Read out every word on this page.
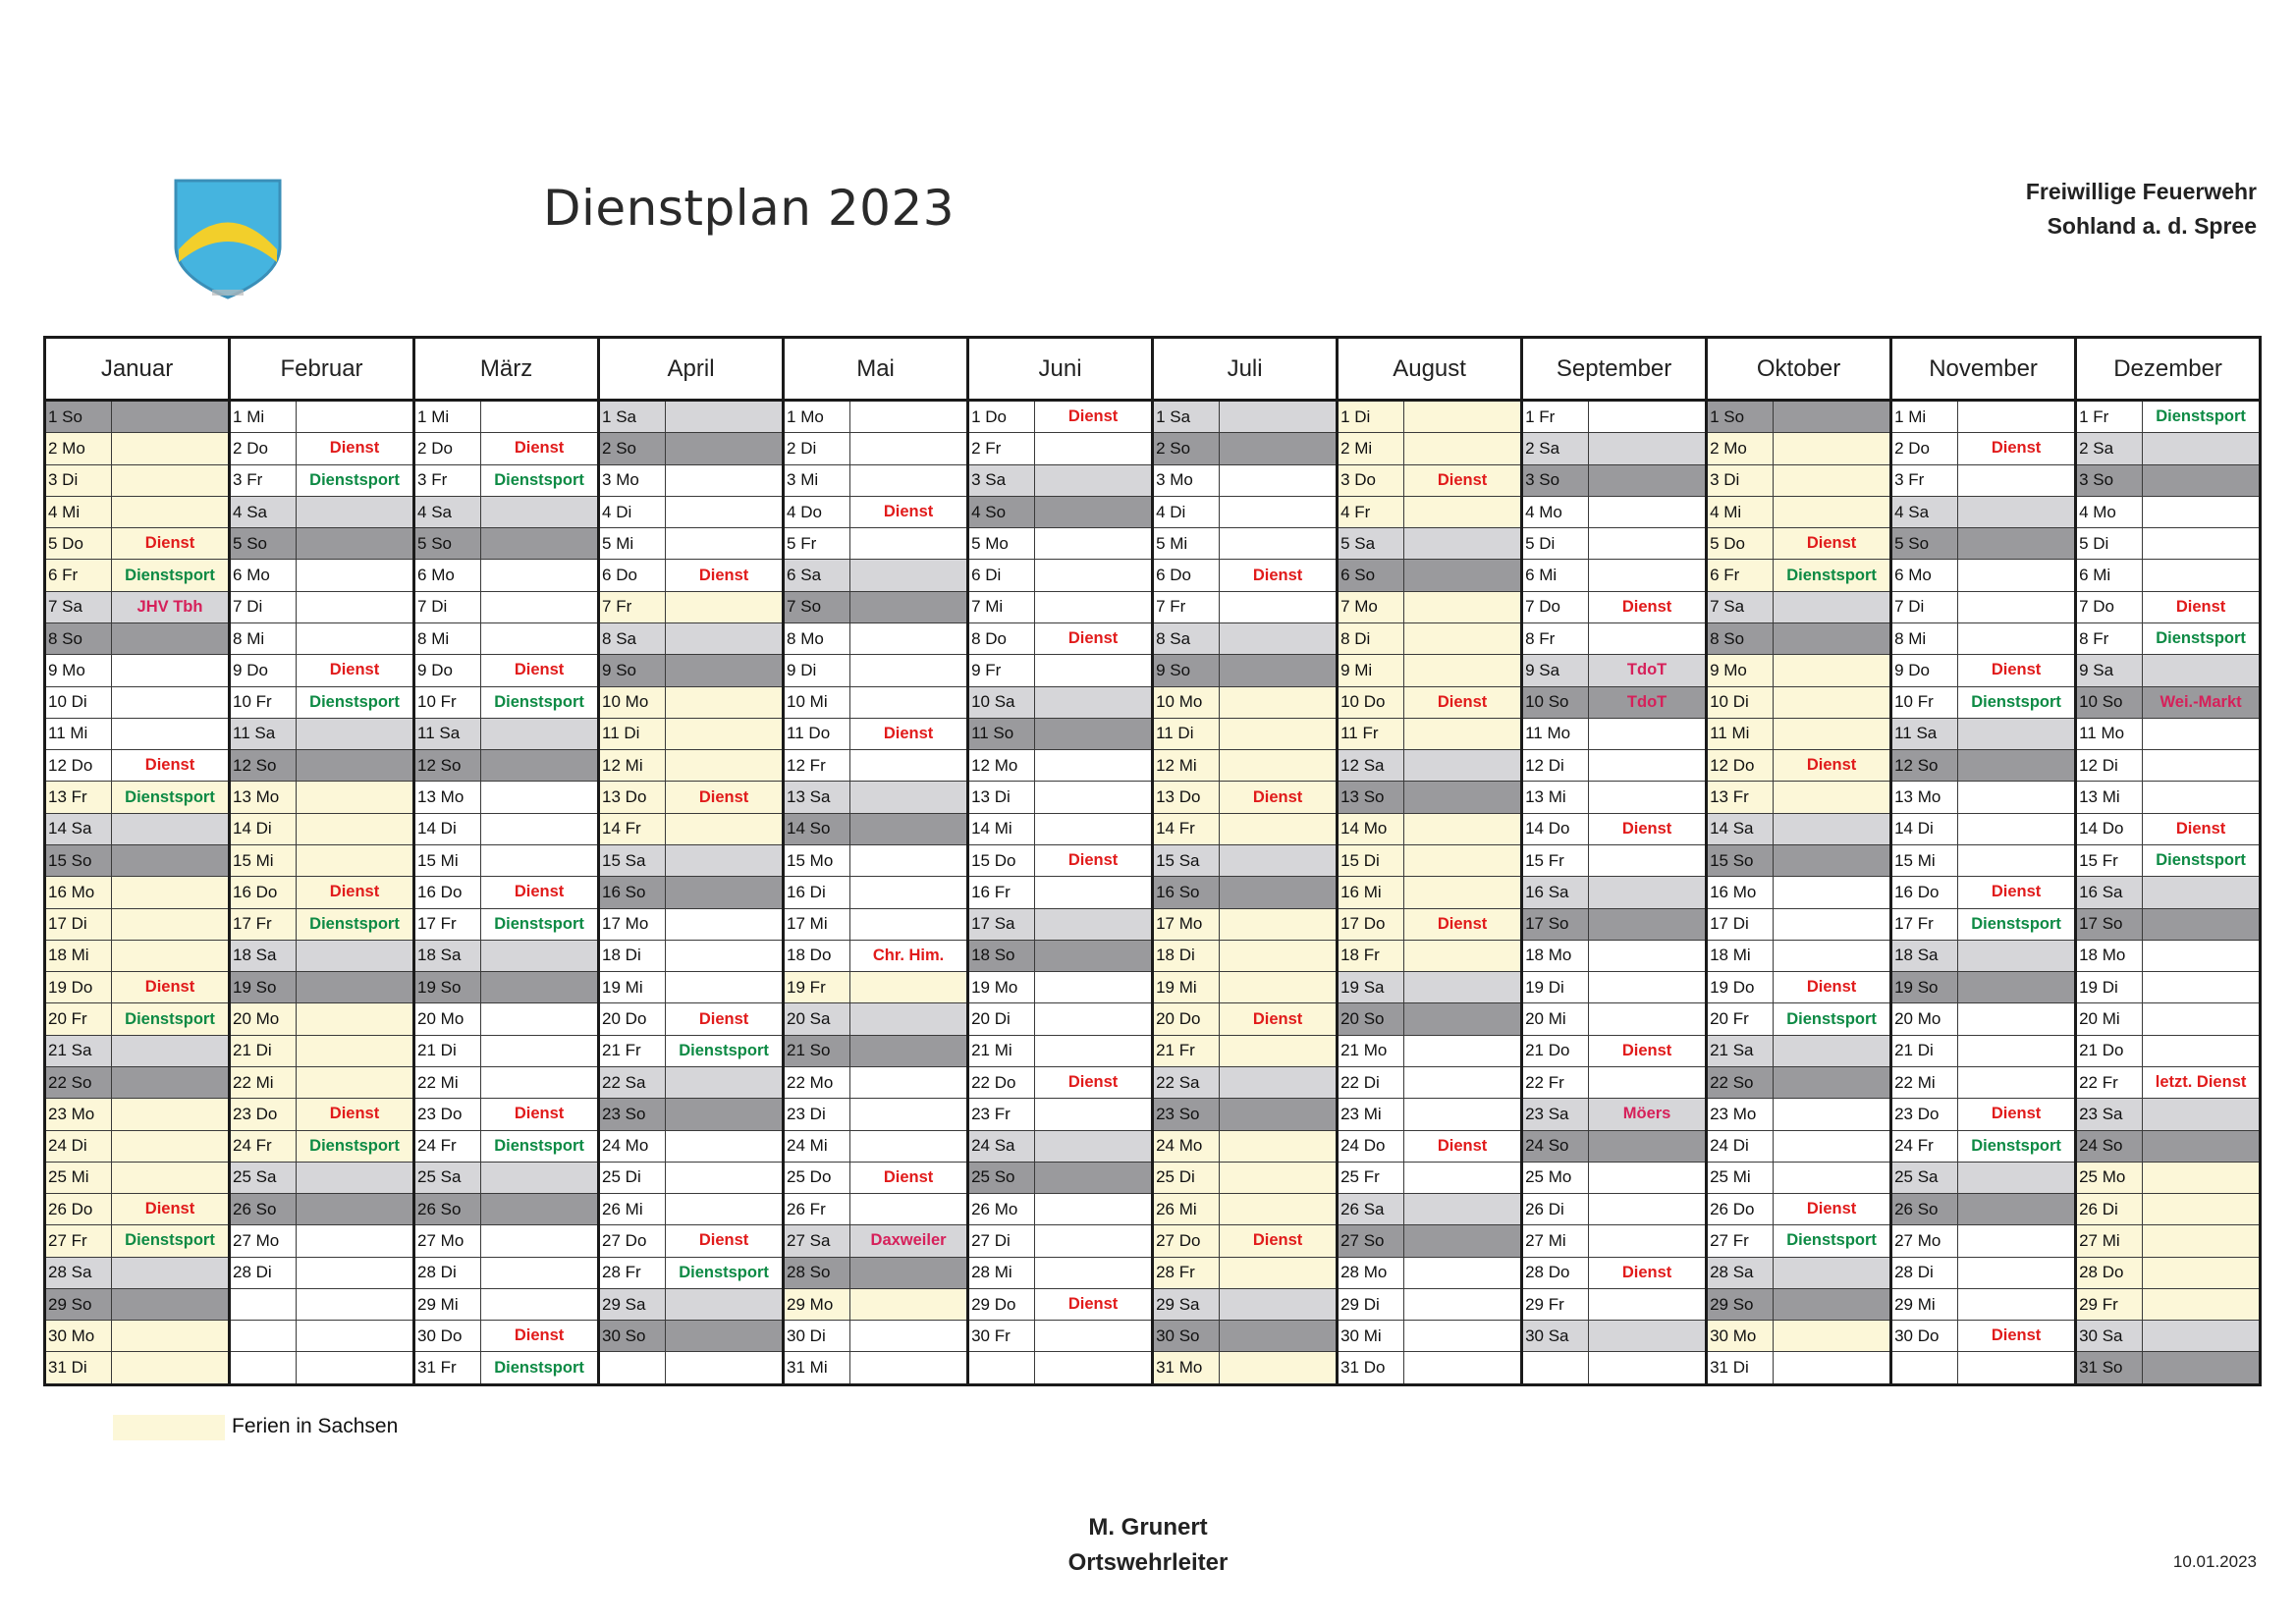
Dienstplan 2023	Freiwillige Feuerwehr
Sohland a. d. Spree
Januar		Februar		März		April		Mai		Juni		Juli		August		September		Oktober		November		Dezember	
1 So		1 Mi		1 Mi		1 Sa		1 Mo		1 Do	Dienst	1 Sa		1 Di		1 Fr		1 So		1 Mi		1 Fr	Dienstsport
2 Mo		2 Do	Dienst	2 Do	Dienst	2 So		2 Di		2 Fr		2 So		2 Mi		2 Sa		2 Mo		2 Do	Dienst	2 Sa	
3 Di		3 Fr	Dienstsport	3 Fr	Dienstsport	3 Mo		3 Mi		3 Sa		3 Mo		3 Do	Dienst	3 So		3 Di		3 Fr		3 So	
4 Mi		4 Sa		4 Sa		4 Di		4 Do	Dienst	4 So		4 Di		4 Fr		4 Mo		4 Mi		4 Sa		4 Mo	
5 Do	Dienst	5 So		5 So		5 Mi		5 Fr		5 Mo		5 Mi		5 Sa		5 Di		5 Do	Dienst	5 So		5 Di	
6 Fr	Dienstsport	6 Mo		6 Mo		6 Do	Dienst	6 Sa		6 Di		6 Do	Dienst	6 So		6 Mi		6 Fr	Dienstsport	6 Mo		6 Mi	
7 Sa	JHV Tbh	7 Di		7 Di		7 Fr		7 So		7 Mi		7 Fr		7 Mo		7 Do	Dienst	7 Sa		7 Di		7 Do	Dienst
8 So		8 Mi		8 Mi		8 Sa		8 Mo		8 Do	Dienst	8 Sa		8 Di		8 Fr		8 So		8 Mi		8 Fr	Dienstsport
9 Mo		9 Do	Dienst	9 Do	Dienst	9 So		9 Di		9 Fr		9 So		9 Mi		9 Sa	TdoT	9 Mo		9 Do	Dienst	9 Sa	
10 Di		10 Fr	Dienstsport	10 Fr	Dienstsport	10 Mo		10 Mi		10 Sa		10 Mo		10 Do	Dienst	10 So	TdoT	10 Di		10 Fr	Dienstsport	10 So	Wei.-Markt
11 Mi		11 Sa		11 Sa		11 Di		11 Do	Dienst	11 So		11 Di		11 Fr		11 Mo		11 Mi		11 Sa		11 Mo	
12 Do	Dienst	12 So		12 So		12 Mi		12 Fr		12 Mo		12 Mi		12 Sa		12 Di		12 Do	Dienst	12 So		12 Di	
13 Fr	Dienstsport	13 Mo		13 Mo		13 Do	Dienst	13 Sa		13 Di		13 Do	Dienst	13 So		13 Mi		13 Fr		13 Mo		13 Mi	
14 Sa		14 Di		14 Di		14 Fr		14 So		14 Mi		14 Fr		14 Mo		14 Do	Dienst	14 Sa		14 Di		14 Do	Dienst
15 So		15 Mi		15 Mi		15 Sa		15 Mo		15 Do	Dienst	15 Sa		15 Di		15 Fr		15 So		15 Mi		15 Fr	Dienstsport
16 Mo		16 Do	Dienst	16 Do	Dienst	16 So		16 Di		16 Fr		16 So		16 Mi		16 Sa		16 Mo		16 Do	Dienst	16 Sa	
17 Di		17 Fr	Dienstsport	17 Fr	Dienstsport	17 Mo		17 Mi		17 Sa		17 Mo		17 Do	Dienst	17 So		17 Di		17 Fr	Dienstsport	17 So	
18 Mi		18 Sa		18 Sa		18 Di		18 Do	Chr. Him.	18 So		18 Di		18 Fr		18 Mo		18 Mi		18 Sa		18 Mo	
19 Do	Dienst	19 So		19 So		19 Mi		19 Fr		19 Mo		19 Mi		19 Sa		19 Di		19 Do	Dienst	19 So		19 Di	
20 Fr	Dienstsport	20 Mo		20 Mo		20 Do	Dienst	20 Sa		20 Di		20 Do	Dienst	20 So		20 Mi		20 Fr	Dienstsport	20 Mo		20 Mi	
21 Sa		21 Di		21 Di		21 Fr	Dienstsport	21 So		21 Mi		21 Fr		21 Mo		21 Do	Dienst	21 Sa		21 Di		21 Do	
22 So		22 Mi		22 Mi		22 Sa		22 Mo		22 Do	Dienst	22 Sa		22 Di		22 Fr		22 So		22 Mi		22 Fr	letzt. Dienst
23 Mo		23 Do	Dienst	23 Do	Dienst	23 So		23 Di		23 Fr		23 So		23 Mi		23 Sa	Möers	23 Mo		23 Do	Dienst	23 Sa	
24 Di		24 Fr	Dienstsport	24 Fr	Dienstsport	24 Mo		24 Mi		24 Sa		24 Mo		24 Do	Dienst	24 So		24 Di		24 Fr	Dienstsport	24 So	
25 Mi		25 Sa		25 Sa		25 Di		25 Do	Dienst	25 So		25 Di		25 Fr		25 Mo		25 Mi		25 Sa		25 Mo	
26 Do	Dienst	26 So		26 So		26 Mi		26 Fr		26 Mo		26 Mi		26 Sa		26 Di		26 Do	Dienst	26 So		26 Di	
27 Fr	Dienstsport	27 Mo		27 Mo		27 Do	Dienst	27 Sa	Daxweiler	27 Di		27 Do	Dienst	27 So		27 Mi		27 Fr	Dienstsport	27 Mo		27 Mi	
28 Sa		28 Di		28 Di		28 Fr	Dienstsport	28 So		28 Mi		28 Fr		28 Mo		28 Do	Dienst	28 Sa		28 Di		28 Do	
29 So				29 Mi		29 Sa		29 Mo		29 Do	Dienst	29 Sa		29 Di		29 Fr		29 So		29 Mi		29 Fr	
30 Mo				30 Do	Dienst	30 So		30 Di		30 Fr		30 So		30 Mi		30 Sa		30 Mo		30 Do	Dienst	30 Sa	
31 Di				31 Fr	Dienstsport			31 Mi				31 Mo		31 Do				31 Di				31 So	
Ferien in Sachsen
M. Grunert
Ortswehrleiter	10.01.2023
